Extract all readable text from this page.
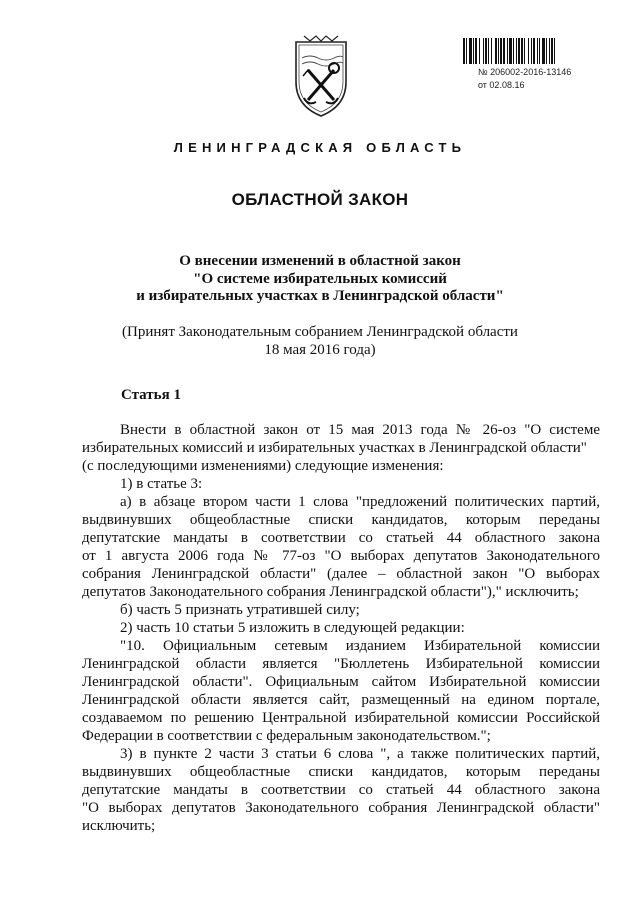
№ 206002-2016-13146
от 02.08.16
ЛЕНИНГРАДСКАЯ ОБЛАСТЬ
ОБЛАСТНОЙ ЗАКОН
О внесении изменений в областной закон
"О системе избирательных комиссий
и избирательных участках в Ленинградской области"
(Принят Законодательным собранием Ленинградской области
18 мая 2016 года)
Статья 1
Внести в областной закон от 15 мая 2013 года № 26-оз "О системе
избирательных комиссий и избирательных участках в Ленинградской области"
(с последующими изменениями) следующие изменения:
1) в статье 3:
а) в абзаце втором части 1 слова "предложений политических партий,
выдвинувших общеобластные списки кандидатов, которым переданы
депутатские мандаты в соответствии со статьей 44 областного закона
от 1 августа 2006 года № 77-оз "О выборах депутатов Законодательного
собрания Ленинградской области" (далее – областной закон "О выборах
депутатов Законодательного собрания Ленинградской области")," исключить;
б) часть 5 признать утратившей силу;
2) часть 10 статьи 5 изложить в следующей редакции:
"10. Официальным сетевым изданием Избирательной комиссии
Ленинградской области является "Бюллетень Избирательной комиссии
Ленинградской области". Официальным сайтом Избирательной комиссии
Ленинградской области является сайт, размещенный на едином портале,
создаваемом по решению Центральной избирательной комиссии Российской
Федерации в соответствии с федеральным законодательством.";
3) в пункте 2 части 3 статьи 6 слова ", а также политических партий,
выдвинувших общеобластные списки кандидатов, которым переданы
депутатские мандаты в соответствии со статьей 44 областного закона
"О выборах депутатов Законодательного собрания Ленинградской области"
исключить;
